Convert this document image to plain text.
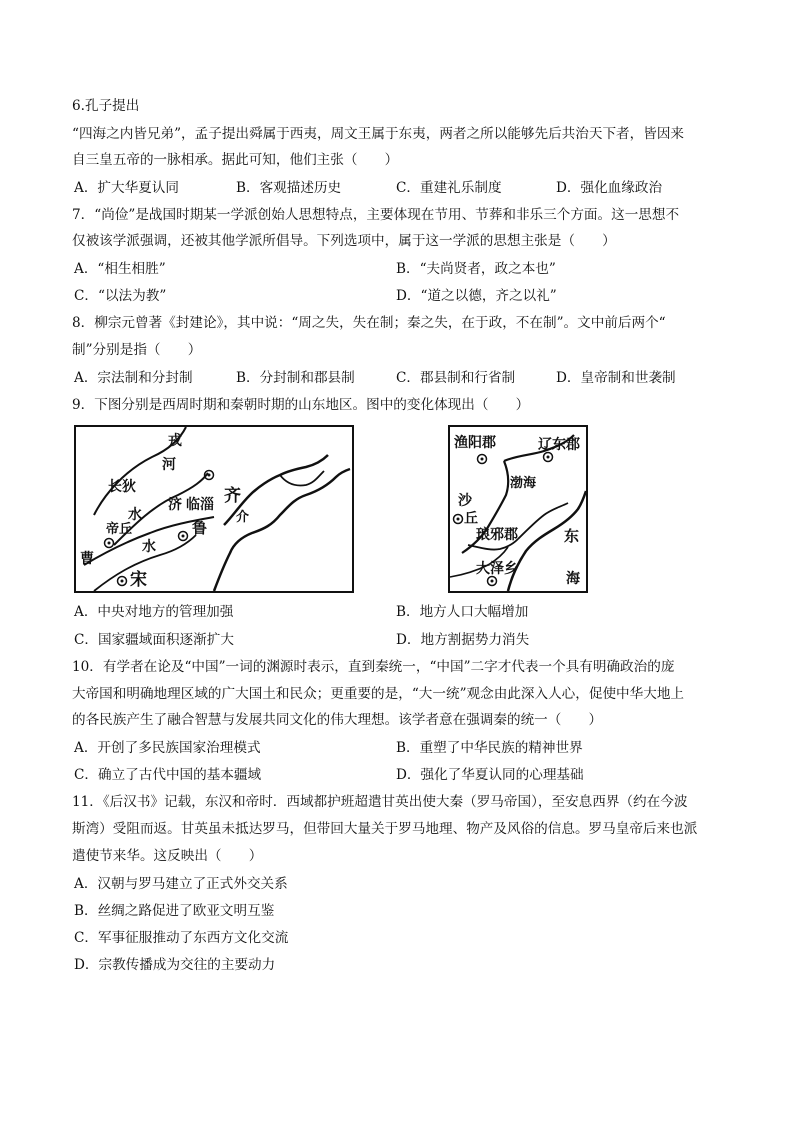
6.孔子提出
“四海之内皆兄弟”，孟子提出舜属于西夷，周文王属于东夷，两者之所以能够先后共治天下者，皆因来
自三皇五帝的一脉相承。据此可知，他们主张（　　）
A．扩大华夏认同	B．客观描述历史	C．重建礼乐制度	D．强化血缘政治
7．“尚俭”是战国时期某一学派创始人思想特点，主要体现在节用、节葬和非乐三个方面。这一思想不
仅被该学派强调，还被其他学派所倡导。下列选项中，属于这一学派的思想主张是（　　）
A．“相生相胜”	B．“夫尚贤者，政之本也”
C．“以法为教”	D．“道之以德，齐之以礼”
8．柳宗元曾著《封建论》，其中说：“周之失，失在制；秦之失，在于政，不在制”。文中前后两个“
制”分别是指（　　）
A．宗法制和分封制	B．分封制和郡县制	C．郡县制和行省制	D．皇帝制和世袭制
9．下图分别是西周时期和秦朝时期的山东地区。图中的变化体现出（　　）
戎
河
长狄
济 临淄 齐
介
水
帝丘	鲁
水
曹
宋
渔阳郡	辽东郡
渤海
沙
丘
琅邪郡	东
海
大泽乡
A．中央对地方的管理加强	B．地方人口大幅增加
C．国家疆域面积逐渐扩大	D．地方割据势力消失
10．有学者在论及“中国”一词的渊源时表示，直到秦统一，“中国”二字才代表一个具有明确政治的庞
大帝国和明确地理区域的广大国土和民众；更重要的是，“大一统”观念由此深入人心，促使中华大地上
的各民族产生了融合智慧与发展共同文化的伟大理想。该学者意在强调秦的统一（　　）
A．开创了多民族国家治理模式	B．重塑了中华民族的精神世界
C．确立了古代中国的基本疆域	D．强化了华夏认同的心理基础
11．《后汉书》记载，东汉和帝时．西域都护班超遣甘英出使大秦（罗马帝国），至安息西界（约在今波
斯湾）受阻而返。甘英虽未抵达罗马，但带回大量关于罗马地理、物产及风俗的信息。罗马皇帝后来也派
遣使节来华。这反映出（　　）
A．汉朝与罗马建立了正式外交关系
B．丝绸之路促进了欧亚文明互鉴
C．军事征服推动了东西方文化交流
D．宗教传播成为交往的主要动力
